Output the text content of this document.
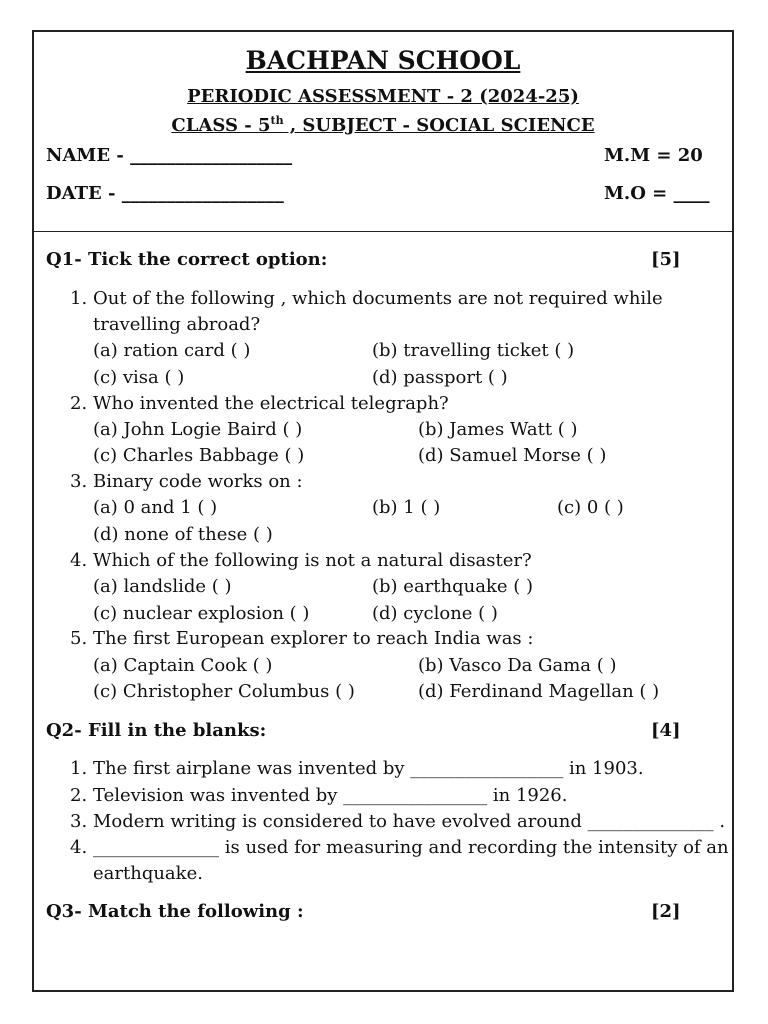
BACHPAN SCHOOL
PERIODIC ASSESSMENT - 2 (2024-25)
CLASS - 5th , SUBJECT - SOCIAL SCIENCE
NAME - __________________	M.M = 20
DATE - __________________	M.O = ____
Q1- Tick the correct option:	[5]
1. Out of the following , which documents are not required while
travelling abroad?
(a) ration card ( )	(b) travelling ticket ( )
(c) visa ( )	(d) passport ( )
2. Who invented the electrical telegraph?
(a) John Logie Baird ( )	(b) James Watt ( )
(c) Charles Babbage ( )	(d) Samuel Morse ( )
3. Binary code works on :
(a) 0 and 1 ( )	(b) 1 ( )	(c) 0 ( )
(d) none of these ( )
4. Which of the following is not a natural disaster?
(a) landslide ( )	(b) earthquake ( )
(c) nuclear explosion ( )	(d) cyclone ( )
5. The first European explorer to reach India was :
(a) Captain Cook ( )	(b) Vasco Da Gama ( )
(c) Christopher Columbus ( )	(d) Ferdinand Magellan ( )
Q2- Fill in the blanks:	[4]
1. The first airplane was invented by _________________ in 1903.
2. Television was invented by ________________ in 1926.
3. Modern writing is considered to have evolved around ______________ .
4. ______________ is used for measuring and recording the intensity of an
earthquake.
Q3- Match the following :	[2]
